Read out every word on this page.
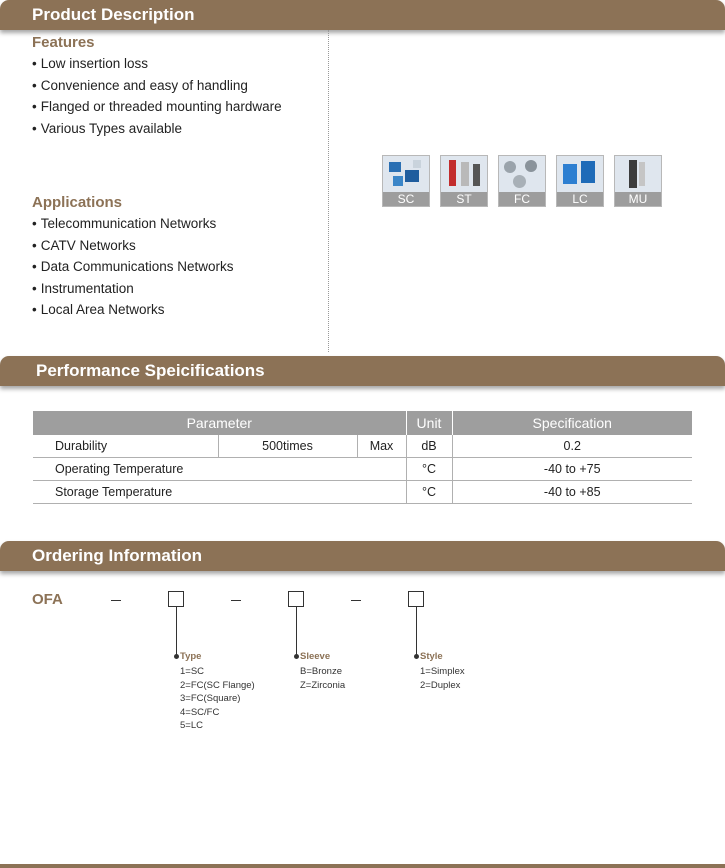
Product Description
Features
• Low insertion loss
• Convenience and easy of handling
• Flanged or threaded mounting hardware
• Various Types available
Applications
• Telecommunication Networks
• CATV Networks
• Data Communications Networks
• Instrumentation
• Local Area Networks
SC	ST	FC	LC	MU
Performance Speicifications
Parameter			Unit	Specification
Durability	500times	Max	dB	0.2
Operating Temperature			°C	-40 to +75
Storage Temperature			°C	-40 to +85
Ordering Information
OFA
Type
1=SC
2=FC(SC Flange)
3=FC(Square)
4=SC/FC
5=LC
Sleeve
B=Bronze
Z=Zirconia
Style
1=Simplex
2=Duplex
